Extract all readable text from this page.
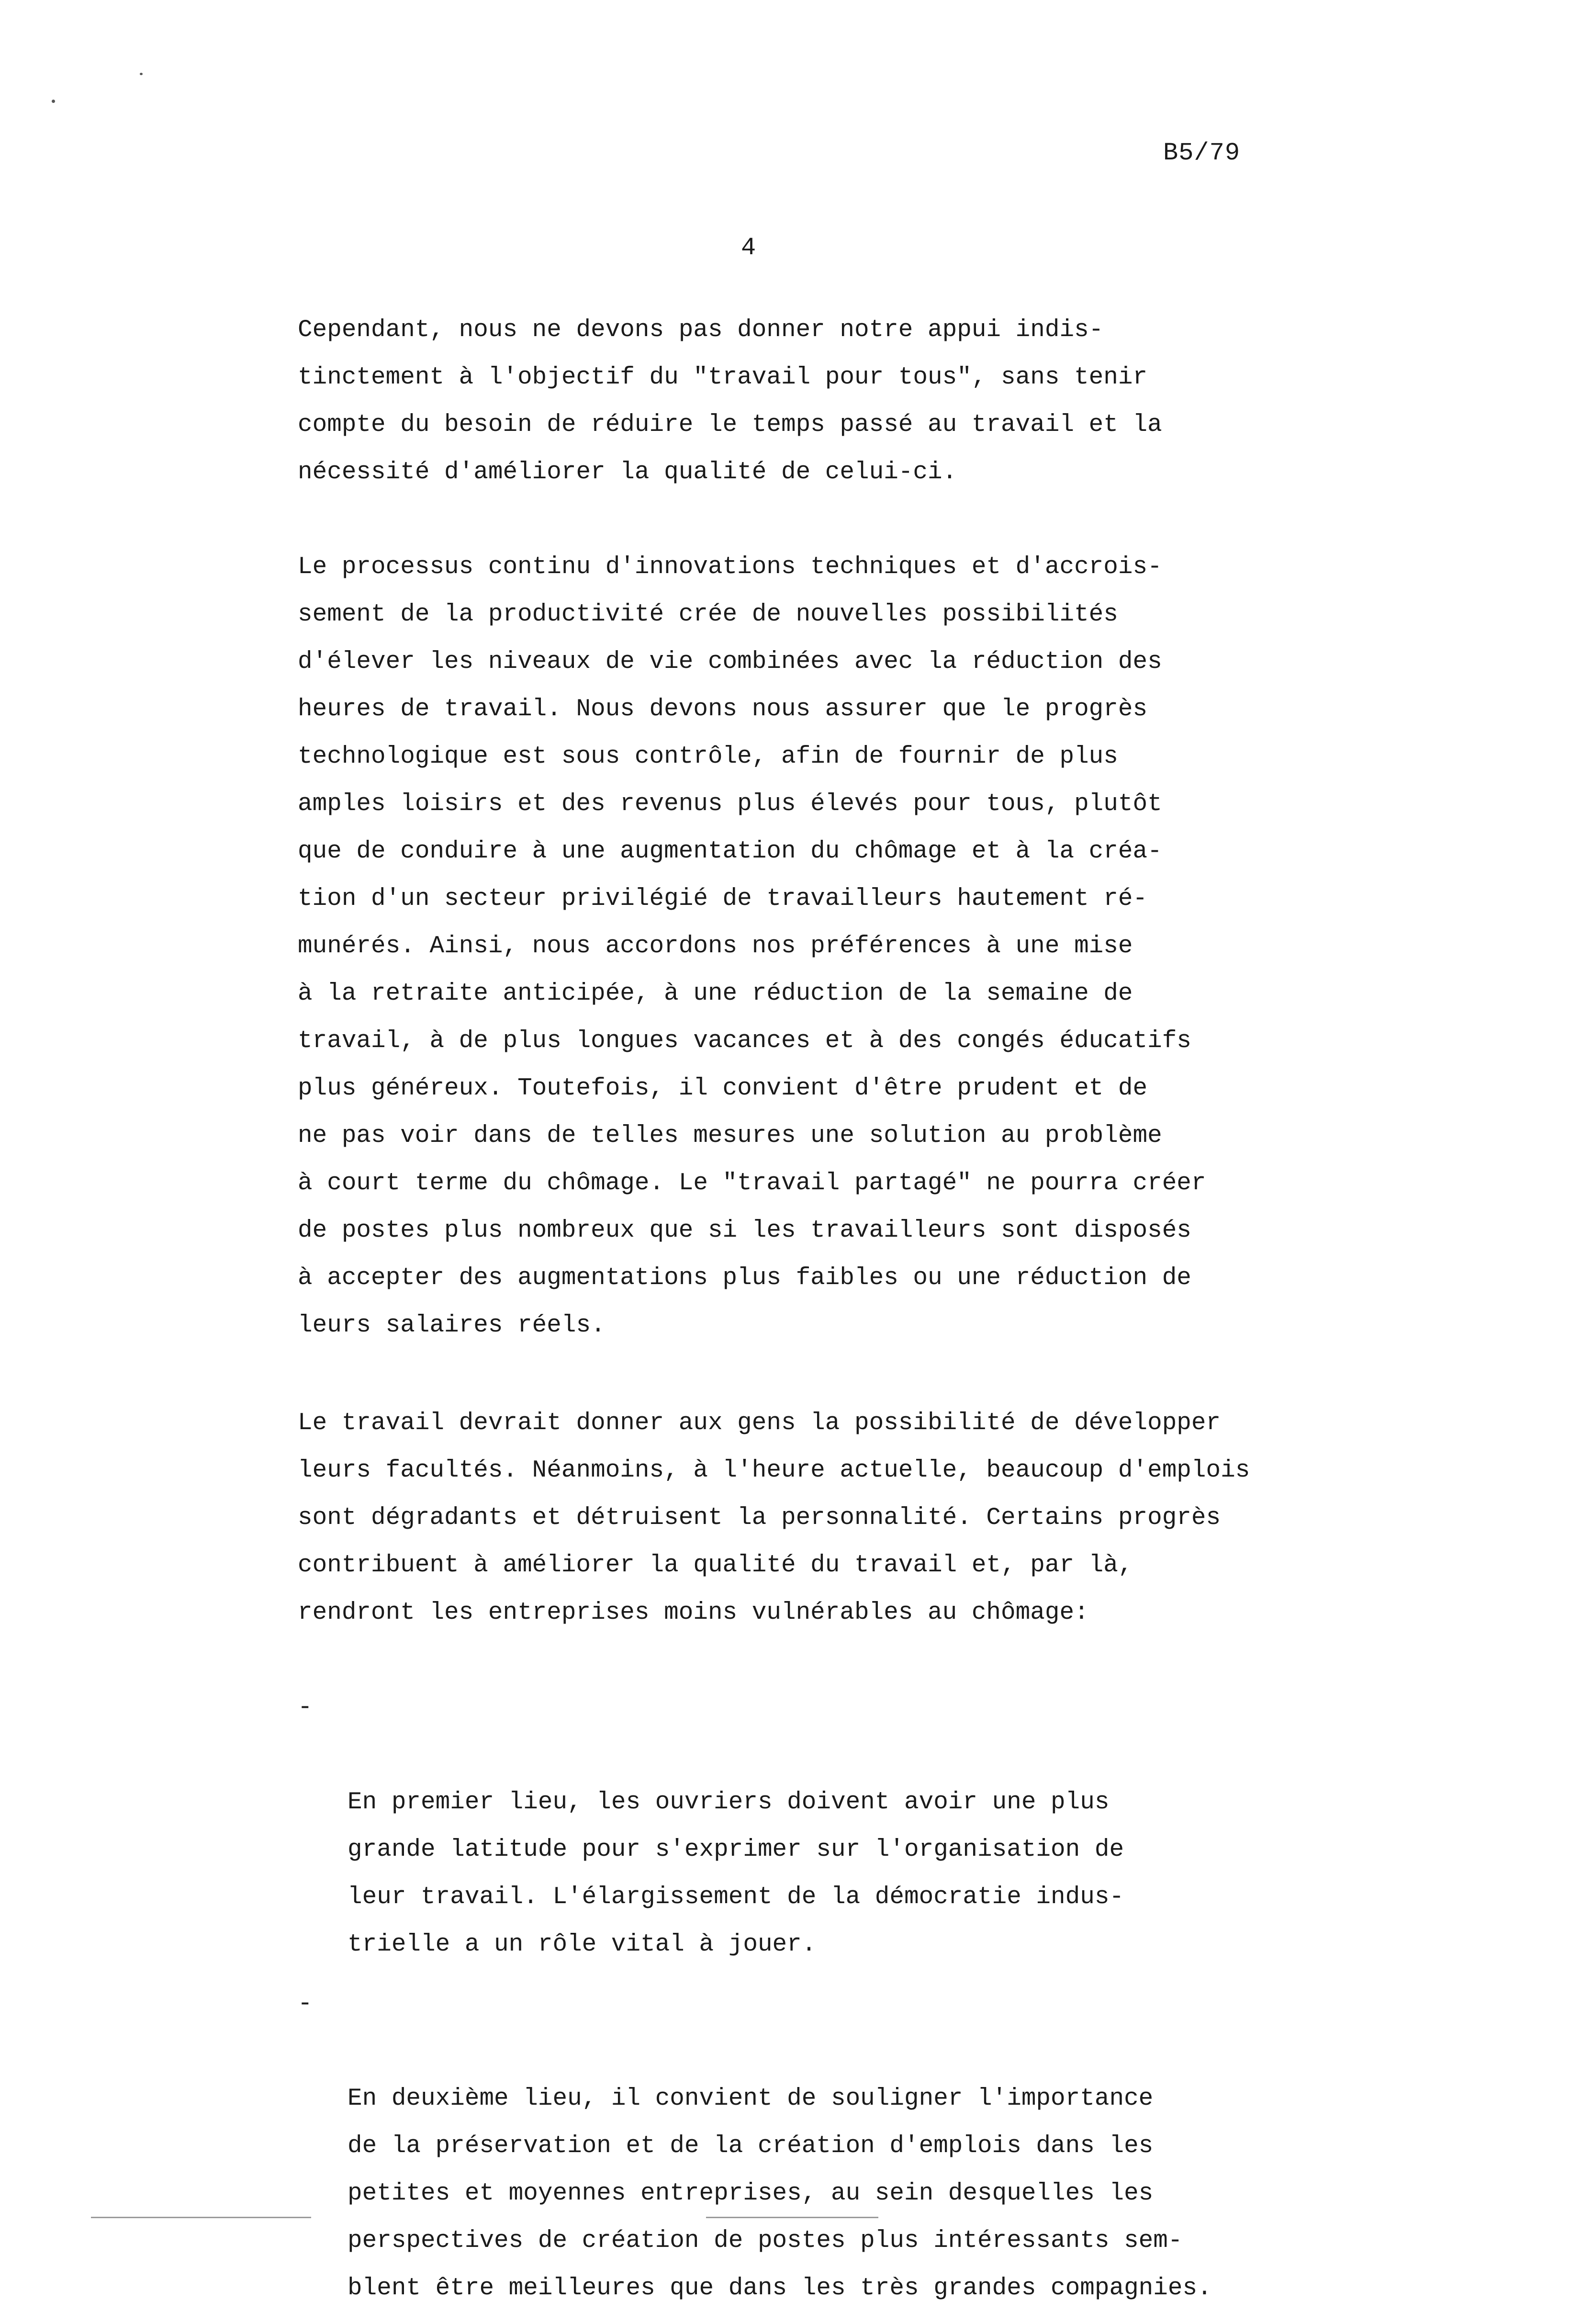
B5/79
4

Cependant, nous ne devons pas donner notre appui indis-
tinctement à l'objectif du "travail pour tous", sans tenir
compte du besoin de réduire le temps passé au travail et la
nécessité d'améliorer la qualité de celui-ci.

Le processus continu d'innovations techniques et d'accrois-
sement de la productivité crée de nouvelles possibilités
d'élever les niveaux de vie combinées avec la réduction des
heures de travail. Nous devons nous assurer que le progrès
technologique est sous contrôle, afin de fournir de plus
amples loisirs et des revenus plus élevés pour tous, plutôt
que de conduire à une augmentation du chômage et à la créa-
tion d'un secteur privilégié de travailleurs hautement ré-
munérés. Ainsi, nous accordons nos préférences à une mise
à la retraite anticipée, à une réduction de la semaine de
travail, à de plus longues vacances et à des congés éducatifs
plus généreux. Toutefois, il convient d'être prudent et de
ne pas voir dans de telles mesures une solution au problème
à court terme du chômage. Le "travail partagé" ne pourra créer
de postes plus nombreux que si les travailleurs sont disposés
à accepter des augmentations plus faibles ou une réduction de
leurs salaires réels.

Le travail devrait donner aux gens la possibilité de développer
leurs facultés. Néanmoins, à l'heure actuelle, beaucoup d'emplois
sont dégradants et détruisent la personnalité. Certains progrès
contribuent à améliorer la qualité du travail et, par là,
rendront les entreprises moins vulnérables au chômage:

-

En premier lieu, les ouvriers doivent avoir une plus
grande latitude pour s'exprimer sur l'organisation de
leur travail. L'élargissement de la démocratie indus-
trielle a un rôle vital à jouer.

-

En deuxième lieu, il convient de souligner l'importance
de la préservation et de la création d'emplois dans les
petites et moyennes entreprises, au sein desquelles les
perspectives de création de postes plus intéressants sem-
blent être meilleures que dans les très grandes compagnies.
